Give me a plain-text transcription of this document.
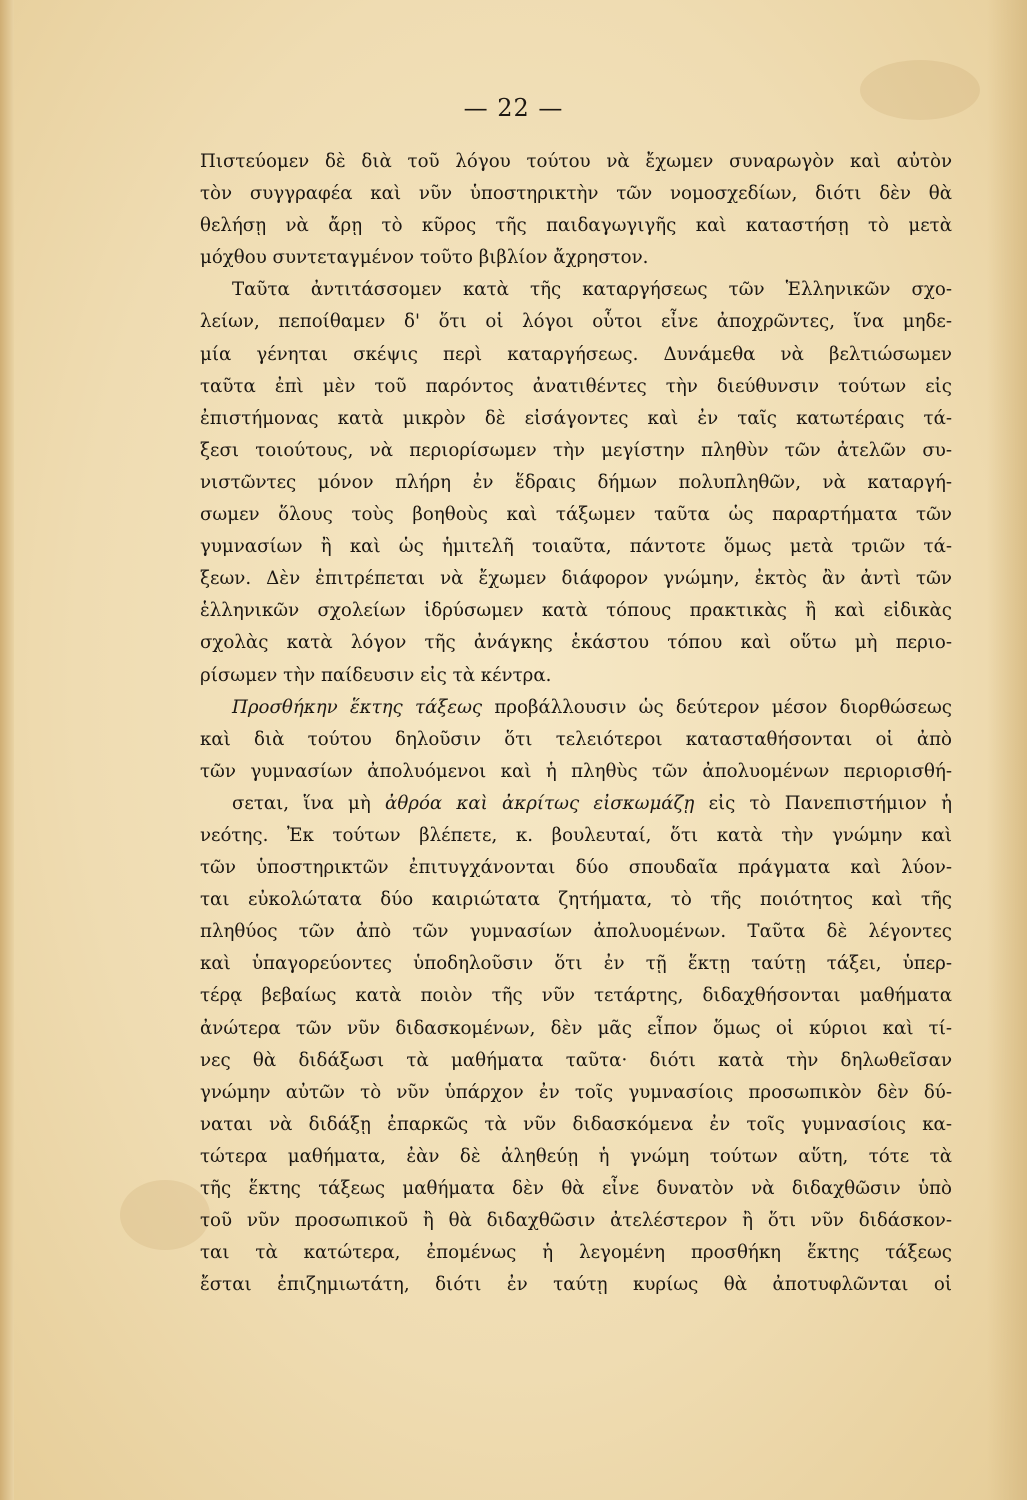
— 22 —
Πιστεύομεν δὲ διὰ τοῦ λόγου τούτου νὰ ἔχωμεν συναρωγὸν καὶ αὐτὸν
τὸν συγγραφέα καὶ νῦν ὑποστηρικτὴν τῶν νομοσχεδίων, διότι δὲν θὰ
θελήσῃ νὰ ἄρῃ τὸ κῦρος τῆς παιδαγωγιγῆς καὶ καταστήσῃ τὸ μετὰ
μόχθου συντεταγμένον τοῦτο βιβλίον ἄχρηστον.
Ταῦτα ἀντιτάσσομεν κατὰ τῆς καταργήσεως τῶν Ἑλληνικῶν σχο-
λείων, πεποίθαμεν δ' ὅτι οἱ λόγοι οὗτοι εἶνε ἀποχρῶντες, ἵνα μηδε-
μία γένηται σκέψις περὶ καταργήσεως. Δυνάμεθα νὰ βελτιώσωμεν
ταῦτα ἐπὶ μὲν τοῦ παρόντος ἀνατιθέντες τὴν διεύθυνσιν τούτων εἰς
ἐπιστήμονας κατὰ μικρὸν δὲ εἰσάγοντες καὶ ἐν ταῖς κατωτέραις τά-
ξεσι τοιούτους, νὰ περιορίσωμεν τὴν μεγίστην πληθὺν τῶν ἀτελῶν συ-
νιστῶντες μόνον πλήρη ἐν ἕδραις δήμων πολυπληθῶν, νὰ καταργή-
σωμεν ὅλους τοὺς βοηθοὺς καὶ τάξωμεν ταῦτα ὡς παραρτήματα τῶν
γυμνασίων ἢ καὶ ὡς ἡμιτελῆ τοιαῦτα, πάντοτε ὅμως μετὰ τριῶν τά-
ξεων. Δὲν ἐπιτρέπεται νὰ ἔχωμεν διάφορον γνώμην, ἐκτὸς ἂν ἀντὶ τῶν
ἑλληνικῶν σχολείων ἱδρύσωμεν κατὰ τόπους πρακτικὰς ἢ καὶ εἰδικὰς
σχολὰς κατὰ λόγον τῆς ἀνάγκης ἑκάστου τόπου καὶ οὕτω μὴ περιο-
ρίσωμεν τὴν παίδευσιν εἰς τὰ κέντρα.
Προσθήκην ἕκτης τάξεως προβάλλουσιν ὡς δεύτερον μέσον διορθώσεως
καὶ διὰ τούτου δηλοῦσιν ὅτι τελειότεροι κατασταθήσονται οἱ ἀπὸ
τῶν γυμνασίων ἀπολυόμενοι καὶ ἡ πληθὺς τῶν ἀπολυομένων περιορισθή-
σεται, ἵνα μὴ ἀθρόα καὶ ἀκρίτως εἰσκωμάζῃ εἰς τὸ Πανεπιστήμιον ἡ
νεότης. Ἐκ τούτων βλέπετε, κ. βουλευταί, ὅτι κατὰ τὴν γνώμην καὶ
τῶν ὑποστηρικτῶν ἐπιτυγχάνονται δύο σπουδαῖα πράγματα καὶ λύον-
ται εὐκολώτατα δύο καιριώτατα ζητήματα, τὸ τῆς ποιότητος καὶ τῆς
πληθύος τῶν ἀπὸ τῶν γυμνασίων ἀπολυομένων. Ταῦτα δὲ λέγοντες
καὶ ὑπαγορεύοντες ὑποδηλοῦσιν ὅτι ἐν τῇ ἕκτῃ ταύτῃ τάξει, ὑπερ-
τέρᾳ βεβαίως κατὰ ποιὸν τῆς νῦν τετάρτης, διδαχθήσονται μαθήματα
ἀνώτερα τῶν νῦν διδασκομένων, δὲν μᾶς εἶπον ὅμως οἱ κύριοι καὶ τί-
νες θὰ διδάξωσι τὰ μαθήματα ταῦτα· διότι κατὰ τὴν δηλωθεῖσαν
γνώμην αὐτῶν τὸ νῦν ὑπάρχον ἐν τοῖς γυμνασίοις προσωπικὸν δὲν δύ-
ναται νὰ διδάξῃ ἐπαρκῶς τὰ νῦν διδασκόμενα ἐν τοῖς γυμνασίοις κα-
τώτερα μαθήματα, ἐὰν δὲ ἀληθεύῃ ἡ γνώμη τούτων αὕτη, τότε τὰ
τῆς ἕκτης τάξεως μαθήματα δὲν θὰ εἶνε δυνατὸν νὰ διδαχθῶσιν ὑπὸ
τοῦ νῦν προσωπικοῦ ἢ θὰ διδαχθῶσιν ἀτελέστερον ἢ ὅτι νῦν διδάσκον-
ται τὰ κατώτερα, ἐπομένως ἡ λεγομένη προσθήκη ἕκτης τάξεως
ἔσται ἐπιζημιωτάτη, διότι ἐν ταύτῃ κυρίως θὰ ἀποτυφλῶνται οἱ
